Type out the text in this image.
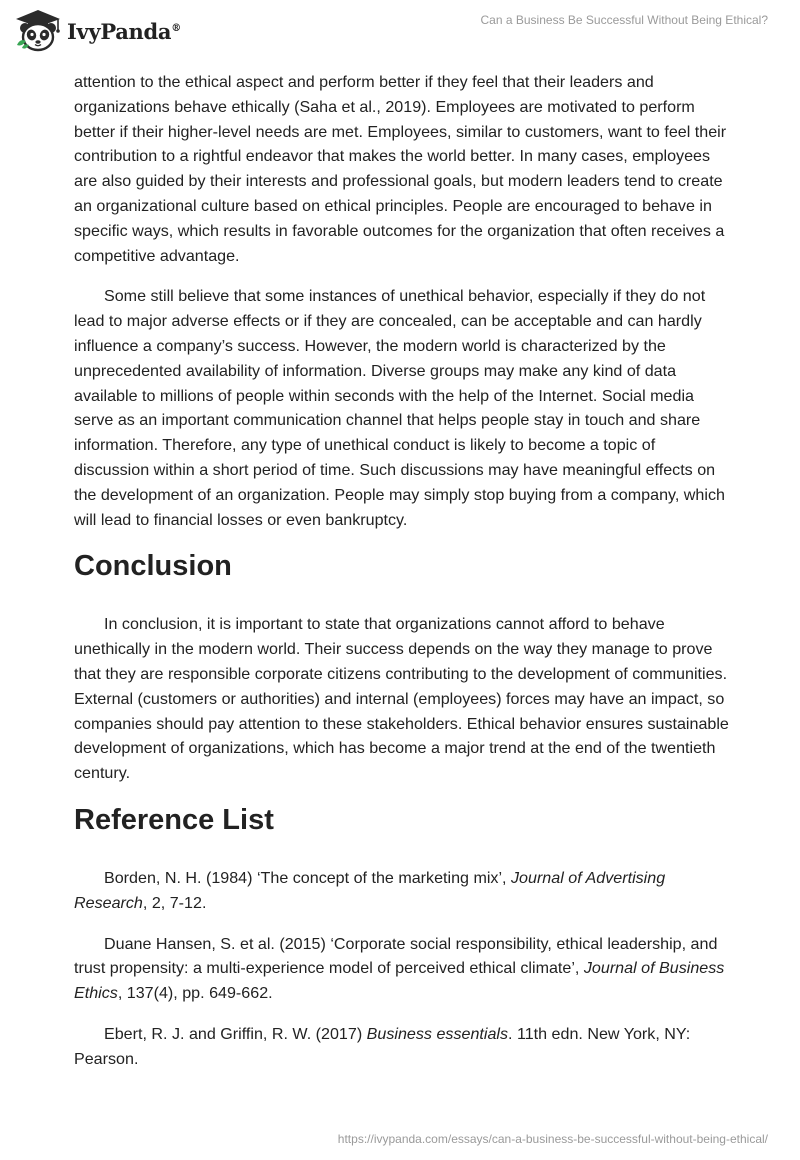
IvyPanda®
Can a Business Be Successful Without Being Ethical?

attention to the ethical aspect and perform better if they feel that their leaders and organizations behave ethically (Saha et al., 2019). Employees are motivated to perform better if their higher-level needs are met. Employees, similar to customers, want to feel their contribution to a rightful endeavor that makes the world better. In many cases, employees are also guided by their interests and professional goals, but modern leaders tend to create an organizational culture based on ethical principles. People are encouraged to behave in specific ways, which results in favorable outcomes for the organization that often receives a competitive advantage.

Some still believe that some instances of unethical behavior, especially if they do not lead to major adverse effects or if they are concealed, can be acceptable and can hardly influence a company’s success. However, the modern world is characterized by the unprecedented availability of information. Diverse groups may make any kind of data available to millions of people within seconds with the help of the Internet. Social media serve as an important communication channel that helps people stay in touch and share information. Therefore, any type of unethical conduct is likely to become a topic of discussion within a short period of time. Such discussions may have meaningful effects on the development of an organization. People may simply stop buying from a company, which will lead to financial losses or even bankruptcy.

Conclusion

In conclusion, it is important to state that organizations cannot afford to behave unethically in the modern world. Their success depends on the way they manage to prove that they are responsible corporate citizens contributing to the development of communities. External (customers or authorities) and internal (employees) forces may have an impact, so companies should pay attention to these stakeholders. Ethical behavior ensures sustainable development of organizations, which has become a major trend at the end of the twentieth century.

Reference List

Borden, N. H. (1984) ‘The concept of the marketing mix’, Journal of Advertising Research, 2, 7-12.

Duane Hansen, S. et al. (2015) ‘Corporate social responsibility, ethical leadership, and trust propensity: a multi-experience model of perceived ethical climate’, Journal of Business Ethics, 137(4), pp. 649-662.

Ebert, R. J. and Griffin, R. W. (2017) Business essentials. 11th edn. New York, NY: Pearson.

https://ivypanda.com/essays/can-a-business-be-successful-without-being-ethical/
